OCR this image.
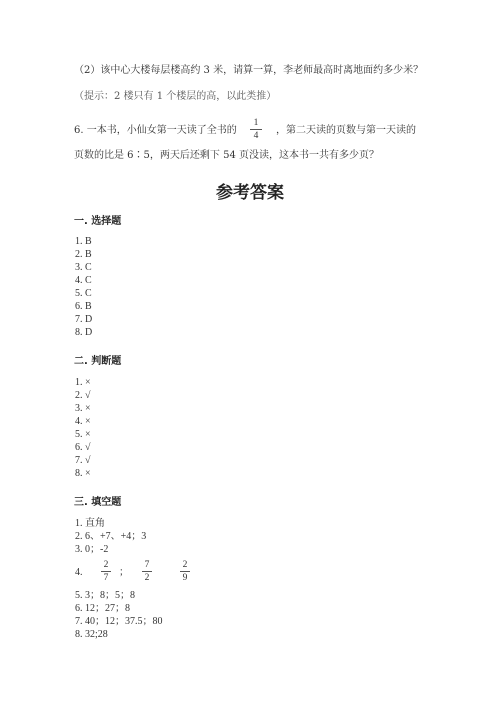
（2）该中心大楼每层楼高约 3 米，请算一算，李老师最高时离地面约多少米？
（提示：2 楼只有 1 个楼层的高，以此类推）
6. 一本书，小仙女第一天读了全书的
1
4	，第二天读的页数与第一天读的
页数的比是 6∶5，两天后还剩下 54 页没读，这本书一共有多少页？
参考答案
一. 选择题
1. B
2. B
3. C
4. C
5. C
6. B
7. D
8. D
二. 判断题
1. ×
2. √
3. ×
4. ×
5. ×
6. √
7. √
8. ×
三. 填空题
1. 直角
2. 6、+7、+4；3
3. 0；-2
4.
2
7 ；
7
2
2
9
5. 3；8；5；8
6. 12；27；8
7. 40；12；37.5；80
8. 32;28
